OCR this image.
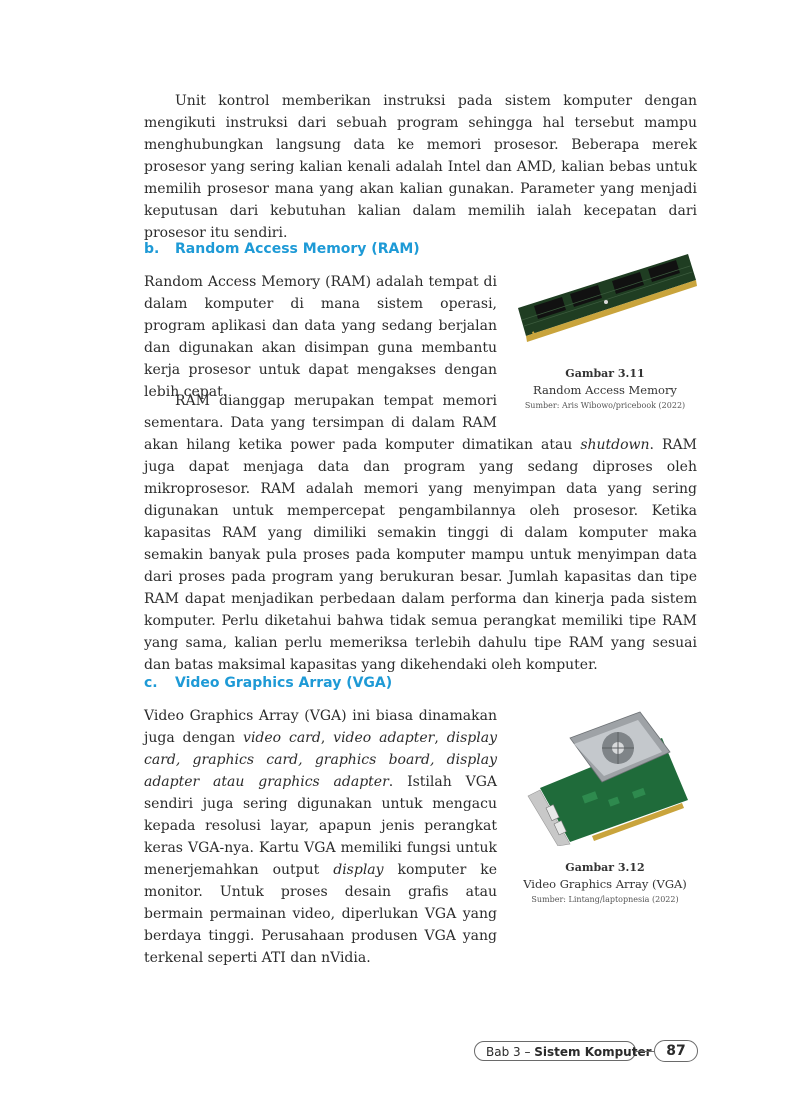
Unit kontrol memberikan instruksi pada sistem komputer dengan mengikuti instruksi dari sebuah program sehingga hal tersebut mampu menghubungkan langsung data ke memori prosesor. Beberapa merek prosesor yang sering kalian kenali adalah Intel dan AMD, kalian bebas untuk memilih prosesor mana yang akan kalian gunakan. Parameter yang menjadi keputusan dari kebutuhan kalian dalam memilih ialah kecepatan dari prosesor itu sendiri.

b. Random Access Memory (RAM)

Random Access Memory (RAM) adalah tempat di dalam komputer di mana sistem operasi, program aplikasi dan data yang sedang berjalan dan digunakan akan disimpan guna membantu kerja prosesor untuk dapat mengakses dengan lebih cepat.

RAM dianggap merupakan tempat memori sementara. Data yang tersimpan di dalam RAM akan hilang ketika power pada komputer dimatikan atau shutdown. RAM juga dapat menjaga data dan program yang sedang diproses oleh mikroprosesor. RAM adalah memori yang menyimpan data yang sering digunakan untuk mempercepat pengambilannya oleh prosesor. Ketika kapasitas RAM yang dimiliki semakin tinggi di dalam komputer maka semakin banyak pula proses pada komputer mampu untuk menyimpan data dari proses pada program yang berukuran besar. Jumlah kapasitas dan tipe RAM dapat menjadikan perbedaan dalam performa dan kinerja pada sistem komputer. Perlu diketahui bahwa tidak semua perangkat memiliki tipe RAM yang sama, kalian perlu memeriksa terlebih dahulu tipe RAM yang sesuai dan batas maksimal kapasitas yang dikehendaki oleh komputer.
Gambar 3.11
Random Access Memory
Sumber: Aris Wibowo/pricebook (2022)
c. Video Graphics Array (VGA)

Video Graphics Array (VGA) ini biasa dinamakan juga dengan video card, video adapter, display card, graphics card, graphics board, display adapter atau graphics adapter. Istilah VGA sendiri juga sering digunakan untuk mengacu kepada resolusi layar, apapun jenis perangkat keras VGA-nya. Kartu VGA memiliki fungsi untuk menerjemahkan output display komputer ke monitor. Untuk proses desain grafis atau bermain permainan video, diperlukan VGA yang berdaya tinggi. Perusahaan produsen VGA yang terkenal seperti ATI dan nVidia.

Gambar 3.12
Video Graphics Array (VGA)
Sumber: Lintang/laptopnesia (2022)
Bab 3 – Sistem Komputer	87
